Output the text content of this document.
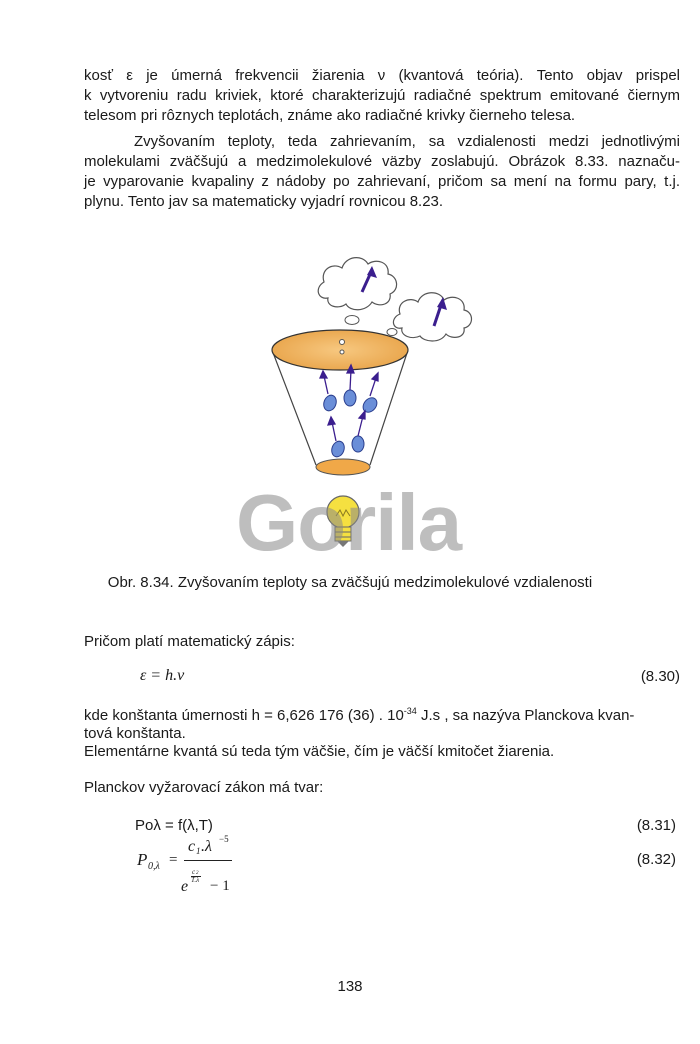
kosť ε je úmerná frekvencii žiarenia ν (kvantová teória). Tento objav prispel
k vytvoreniu radu kriviek, ktoré charakterizujú radiačné spektrum emitované čiernym
telesom pri rôznych teplotách, známe ako radiačné krivky čierneho telesa.
Zvyšovaním teploty, teda zahrievaním, sa vzdialenosti medzi jednotlivými
molekulami zväčšujú a medzimolekulové väzby zoslabujú. Obrázok 8.33. naznaču-
je vyparovanie kvapaliny z nádoby po zahrievaní, pričom sa mení na formu pary, t.j.
plynu. Tento jav sa matematicky vyjadrí rovnicou 8.23.
Gorila
Obr. 8.34. Zvyšovaním teploty sa zväčšujú medzimolekulové vzdialenosti
Pričom platí matematický zápis:
ε = h.ν	(8.30)
kde konštanta úmernosti h = 6,626 176 (36) . $10^{-34}$ J.s , sa nazýva Planckova kvan-
tová konštanta.
Elementárne kvantá sú teda tým väčšie, čím je väčší kmitočet žiarenia.
Planckov vyžarovací zákon má tvar:
Poλ = f(λ,T)	(8.31)
P 0,λ =
c 1 .λ −5
c 2
T.λ
e − 1
(8.32)
138
